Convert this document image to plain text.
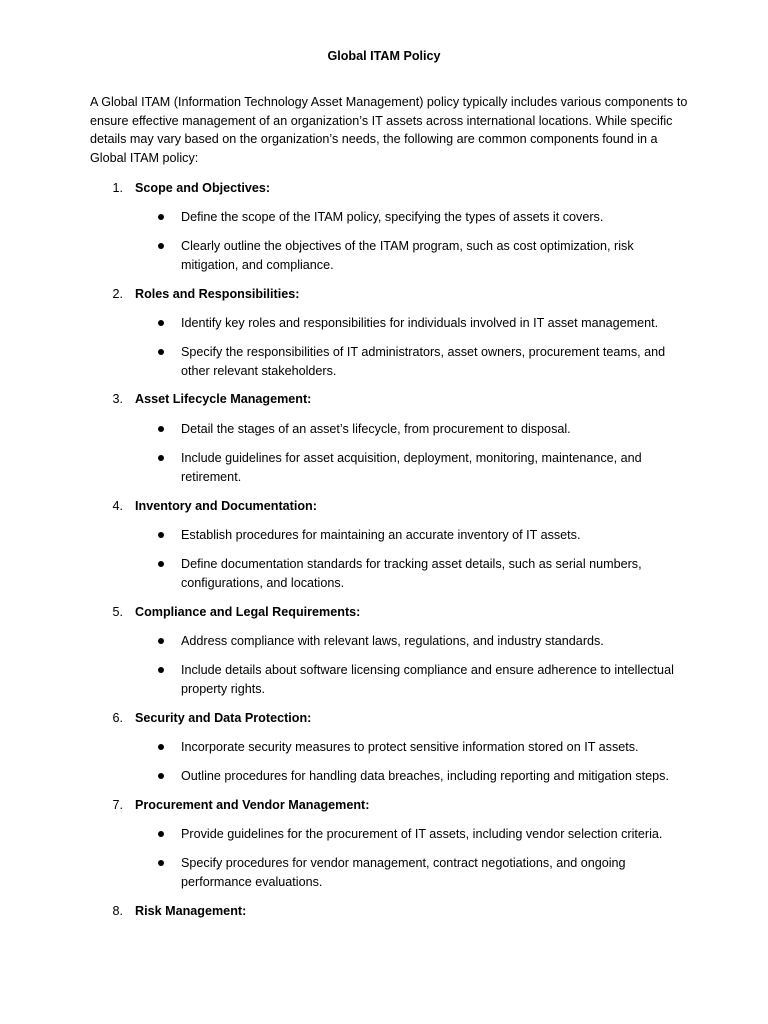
Global ITAM Policy
A Global ITAM (Information Technology Asset Management) policy typically includes various components to ensure effective management of an organization’s IT assets across international locations. While specific details may vary based on the organization’s needs, the following are common components found in a Global ITAM policy:
1. Scope and Objectives:
Define the scope of the ITAM policy, specifying the types of assets it covers.
Clearly outline the objectives of the ITAM program, such as cost optimization, risk mitigation, and compliance.
2. Roles and Responsibilities:
Identify key roles and responsibilities for individuals involved in IT asset management.
Specify the responsibilities of IT administrators, asset owners, procurement teams, and other relevant stakeholders.
3. Asset Lifecycle Management:
Detail the stages of an asset’s lifecycle, from procurement to disposal.
Include guidelines for asset acquisition, deployment, monitoring, maintenance, and retirement.
4. Inventory and Documentation:
Establish procedures for maintaining an accurate inventory of IT assets.
Define documentation standards for tracking asset details, such as serial numbers, configurations, and locations.
5. Compliance and Legal Requirements:
Address compliance with relevant laws, regulations, and industry standards.
Include details about software licensing compliance and ensure adherence to intellectual property rights.
6. Security and Data Protection:
Incorporate security measures to protect sensitive information stored on IT assets.
Outline procedures for handling data breaches, including reporting and mitigation steps.
7. Procurement and Vendor Management:
Provide guidelines for the procurement of IT assets, including vendor selection criteria.
Specify procedures for vendor management, contract negotiations, and ongoing performance evaluations.
8. Risk Management:
